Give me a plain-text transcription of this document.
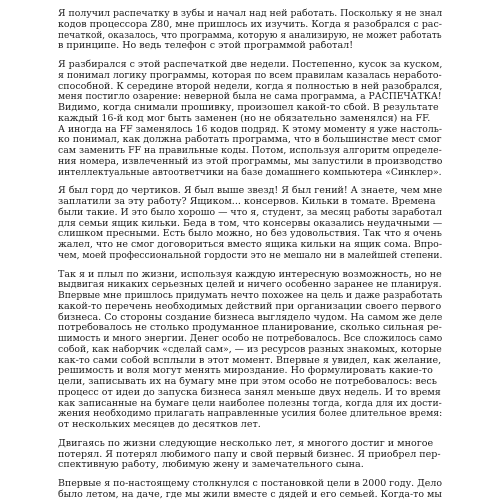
Я получил распечатку в зубы и начал над ней работать. Поскольку я не знал
кодов процессора Z80, мне пришлось их изучить. Когда я разобрался с рас-
печаткой, оказалось, что программа, которую я анализирую, не может работать
в принципе. Но ведь телефон с этой программой работал!

Я разбирался с этой распечаткой две недели. Постепенно, кусок за куском,
я понимал логику программы, которая по всем правилам казалась неработо-
способной. К середине второй недели, когда я полностью в ней разобрался,
меня постигло озарение: неверной была не сама программа, а РАСПЕЧАТКА!
Видимо, когда снимали прошивку, произошел какой-то сбой. В результате
каждый 16-й код мог быть заменен (но не обязательно заменялся) на FF.
А иногда на FF заменялось 16 кодов подряд. К этому моменту я уже настоль-
ко понимал, как должна работать программа, что в большинстве мест смог
сам заменить FF на правильные коды. Потом, используя алгоритм определе-
ния номера, извлеченный из этой программы, мы запустили в производство
интеллектуальные автоответчики на базе домашнего компьютера «Синклер».

Я был горд до чертиков. Я был выше звезд! Я был гений! А знаете, чем мне
заплатили за эту работу? Ящиком... консервов. Кильки в томате. Времена
были такие. И это было хорошо — что я, студент, за месяц работы заработал
для семьи ящик кильки. Беда в том, что консервы оказались неудачными —
слишком пресными. Есть было можно, но без удовольствия. Так что я очень
жалел, что не смог договориться вместо ящика кильки на ящик сома. Впро-
чем, моей профессиональной гордости это не мешало ни в малейшей степени.

Так я и плыл по жизни, используя каждую интересную возможность, но не
выдвигая никаких серьезных целей и ничего особенно заранее не планируя.
Впервые мне пришлось придумать нечто похожее на цель и даже разработать
какой-то перечень необходимых действий при организации своего первого
бизнеса. Со стороны создание бизнеса выглядело чудом. На самом же деле
потребовалось не столько продуманное планирование, сколько сильная ре-
шимость и много энергии. Денег особо не потребовалось. Все сложилось само
собой, как наборчик «сделай сам», — из ресурсов разных знакомых, которые
как-то сами собой всплыли в этот момент. Впервые я увидел, как желание,
решимость и воля могут менять мироздание. Но формулировать какие-то
цели, записывать их на бумагу мне при этом особо не потребовалось: весь
процесс от идеи до запуска бизнеса занял меньше двух недель. И то время
как записанные на бумаге цели наиболее полезны тогда, когда для их дости-
жения необходимо прилагать направленные усилия более длительное время:
от нескольких месяцев до десятков лет.

Двигаясь по жизни следующие несколько лет, я многого достиг и многое
потерял. Я потерял любимого папу и свой первый бизнес. Я приобрел пер-
спективную работу, любимую жену и замечательного сына.

Впервые я по-настоящему столкнулся с постановкой цели в 2000 году. Дело
было летом, на даче, где мы жили вместе с дядей и его семьей. Когда-то мы
